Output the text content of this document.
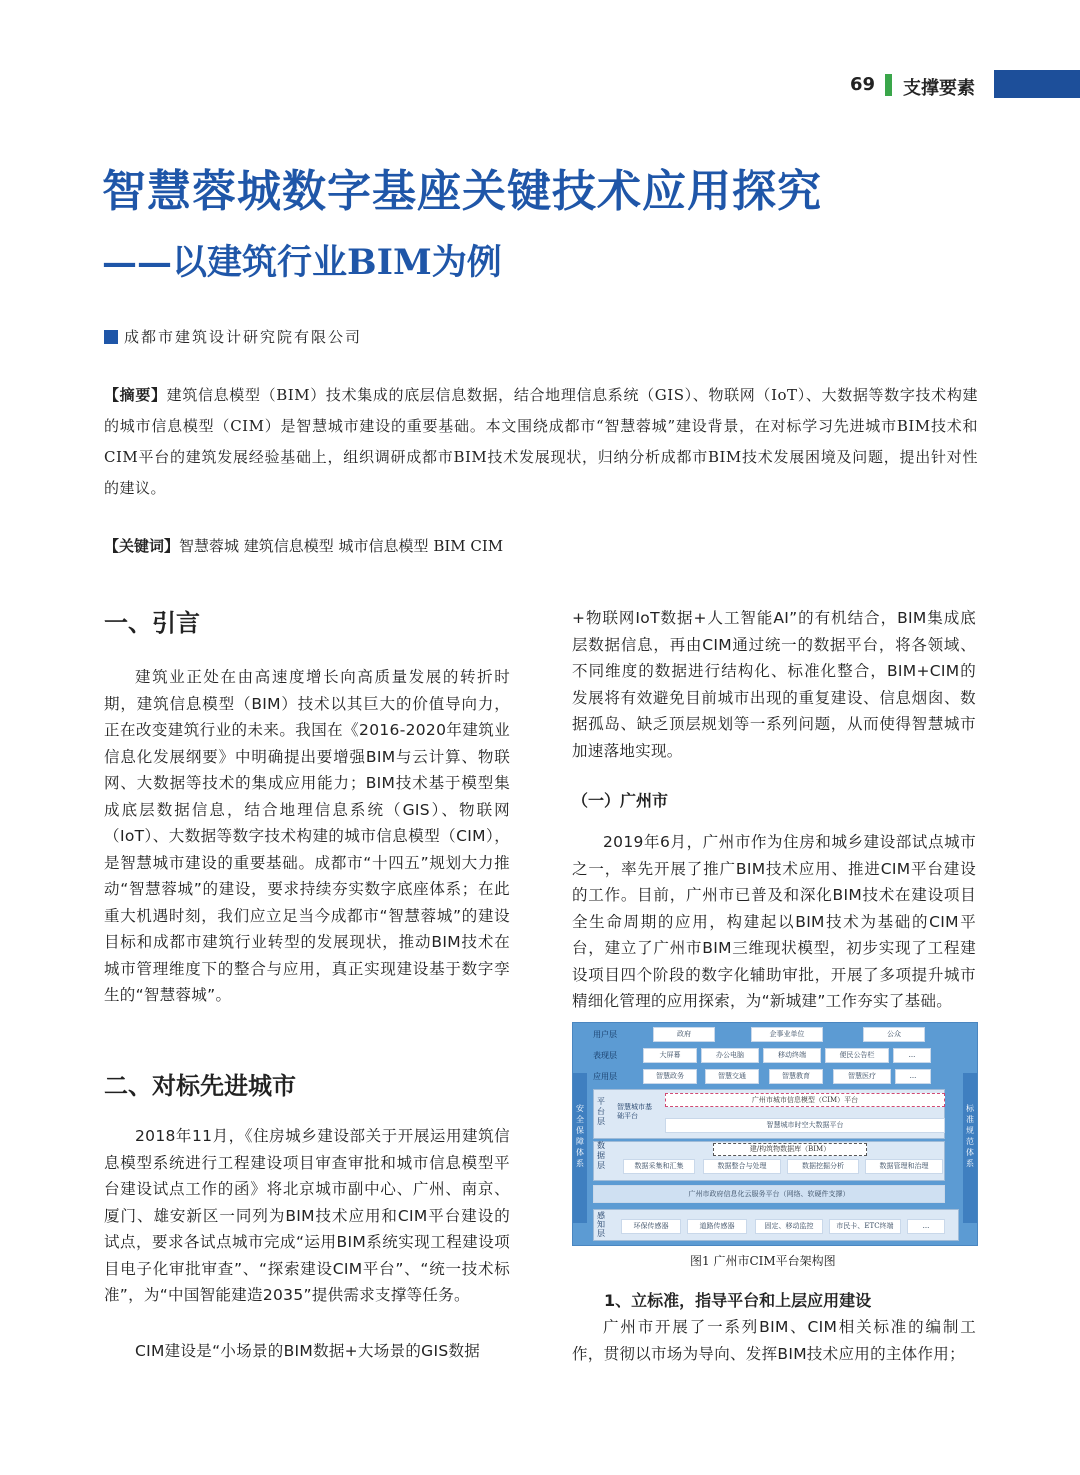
69 支撑要素
智慧蓉城数字基座关键技术应用探究
——以建筑行业BIM为例
成都市建筑设计研究院有限公司
【摘要】建筑信息模型（BIM）技术集成的底层信息数据，结合地理信息系统（GIS）、物联网（IoT）、大数据等数字技术构建的城市信息模型（CIM）是智慧城市建设的重要基础。本文围绕成都市“智慧蓉城”建设背景，在对标学习先进城市BIM技术和CIM平台的建筑发展经验基础上，组织调研成都市BIM技术发展现状，归纳分析成都市BIM技术发展困境及问题，提出针对性的建议。
【关键词】智慧蓉城 建筑信息模型 城市信息模型 BIM CIM
一、引言
建筑业正处在由高速度增长向高质量发展的转折时期，建筑信息模型（BIM）技术以其巨大的价值导向力，正在改变建筑行业的未来。我国在《2016-2020年建筑业信息化发展纲要》中明确提出要增强BIM与云计算、物联网、大数据等技术的集成应用能力；BIM技术基于模型集成底层数据信息，结合地理信息系统（GIS）、物联网（IoT）、大数据等数字技术构建的城市信息模型（CIM），是智慧城市建设的重要基础。成都市“十四五”规划大力推动“智慧蓉城”的建设，要求持续夯实数字底座体系；在此重大机遇时刻，我们应立足当今成都市“智慧蓉城”的建设目标和成都市建筑行业转型的发展现状，推动BIM技术在城市管理维度下的整合与应用，真正实现建设基于数字孪生的“智慧蓉城”。
二、对标先进城市
2018年11月，《住房城乡建设部关于开展运用建筑信息模型系统进行工程建设项目审查审批和城市信息模型平台建设试点工作的函》将北京城市副中心、广州、南京、厦门、雄安新区一同列为BIM技术应用和CIM平台建设的试点，要求各试点城市完成“运用BIM系统实现工程建设项目电子化审批审查”、“探索建设CIM平台”、“统一技术标准”，为“中国智能建造2035”提供需求支撑等任务。
CIM建设是“小场景的BIM数据+大场景的GIS数据
+物联网IoT数据+人工智能AI”的有机结合，BIM集成底层数据信息，再由CIM通过统一的数据平台，将各领域、不同维度的数据进行结构化、标准化整合，BIM+CIM的发展将有效避免目前城市出现的重复建设、信息烟囱、数据孤岛、缺乏顶层规划等一系列问题，从而使得智慧城市加速落地实现。
（一）广州市
2019年6月，广州市作为住房和城乡建设部试点城市之一，率先开展了推广BIM技术应用、推进CIM平台建设的工作。目前，广州市已普及和深化BIM技术在建设项目全生命周期的应用，构建起以BIM技术为基础的CIM平台，建立了广州市BIM三维现状模型，初步实现了工程建设项目四个阶段的数字化辅助审批，开展了多项提升城市精细化管理的应用探索，为“新城建”工作夯实了基础。
安全保障体系
标准规范体系
用户层	政府	企事业单位	公众
表现层	大屏幕	办公电脑	移动终端	便民公告栏	...
应用层	智慧政务	智慧交通	智慧教育	智慧医疗	...
平台层
智慧城市基础平台
广州市城市信息模型（CIM）平台
智慧城市时空大数据平台
数据层
建/构筑物数据库（BIM）
数据采集和汇集	数据整合与处理	数据挖掘分析	数据管理和治理
广州市政府信息化云服务平台（网络、软硬件支撑）
感知层
环保传感器	道路传感器	固定、移动监控	市民卡、ETC终端	...
图1 广州市CIM平台架构图
1、立标准，指导平台和上层应用建设
广州市开展了一系列BIM、CIM相关标准的编制工作，贯彻以市场为导向、发挥BIM技术应用的主体作用；
